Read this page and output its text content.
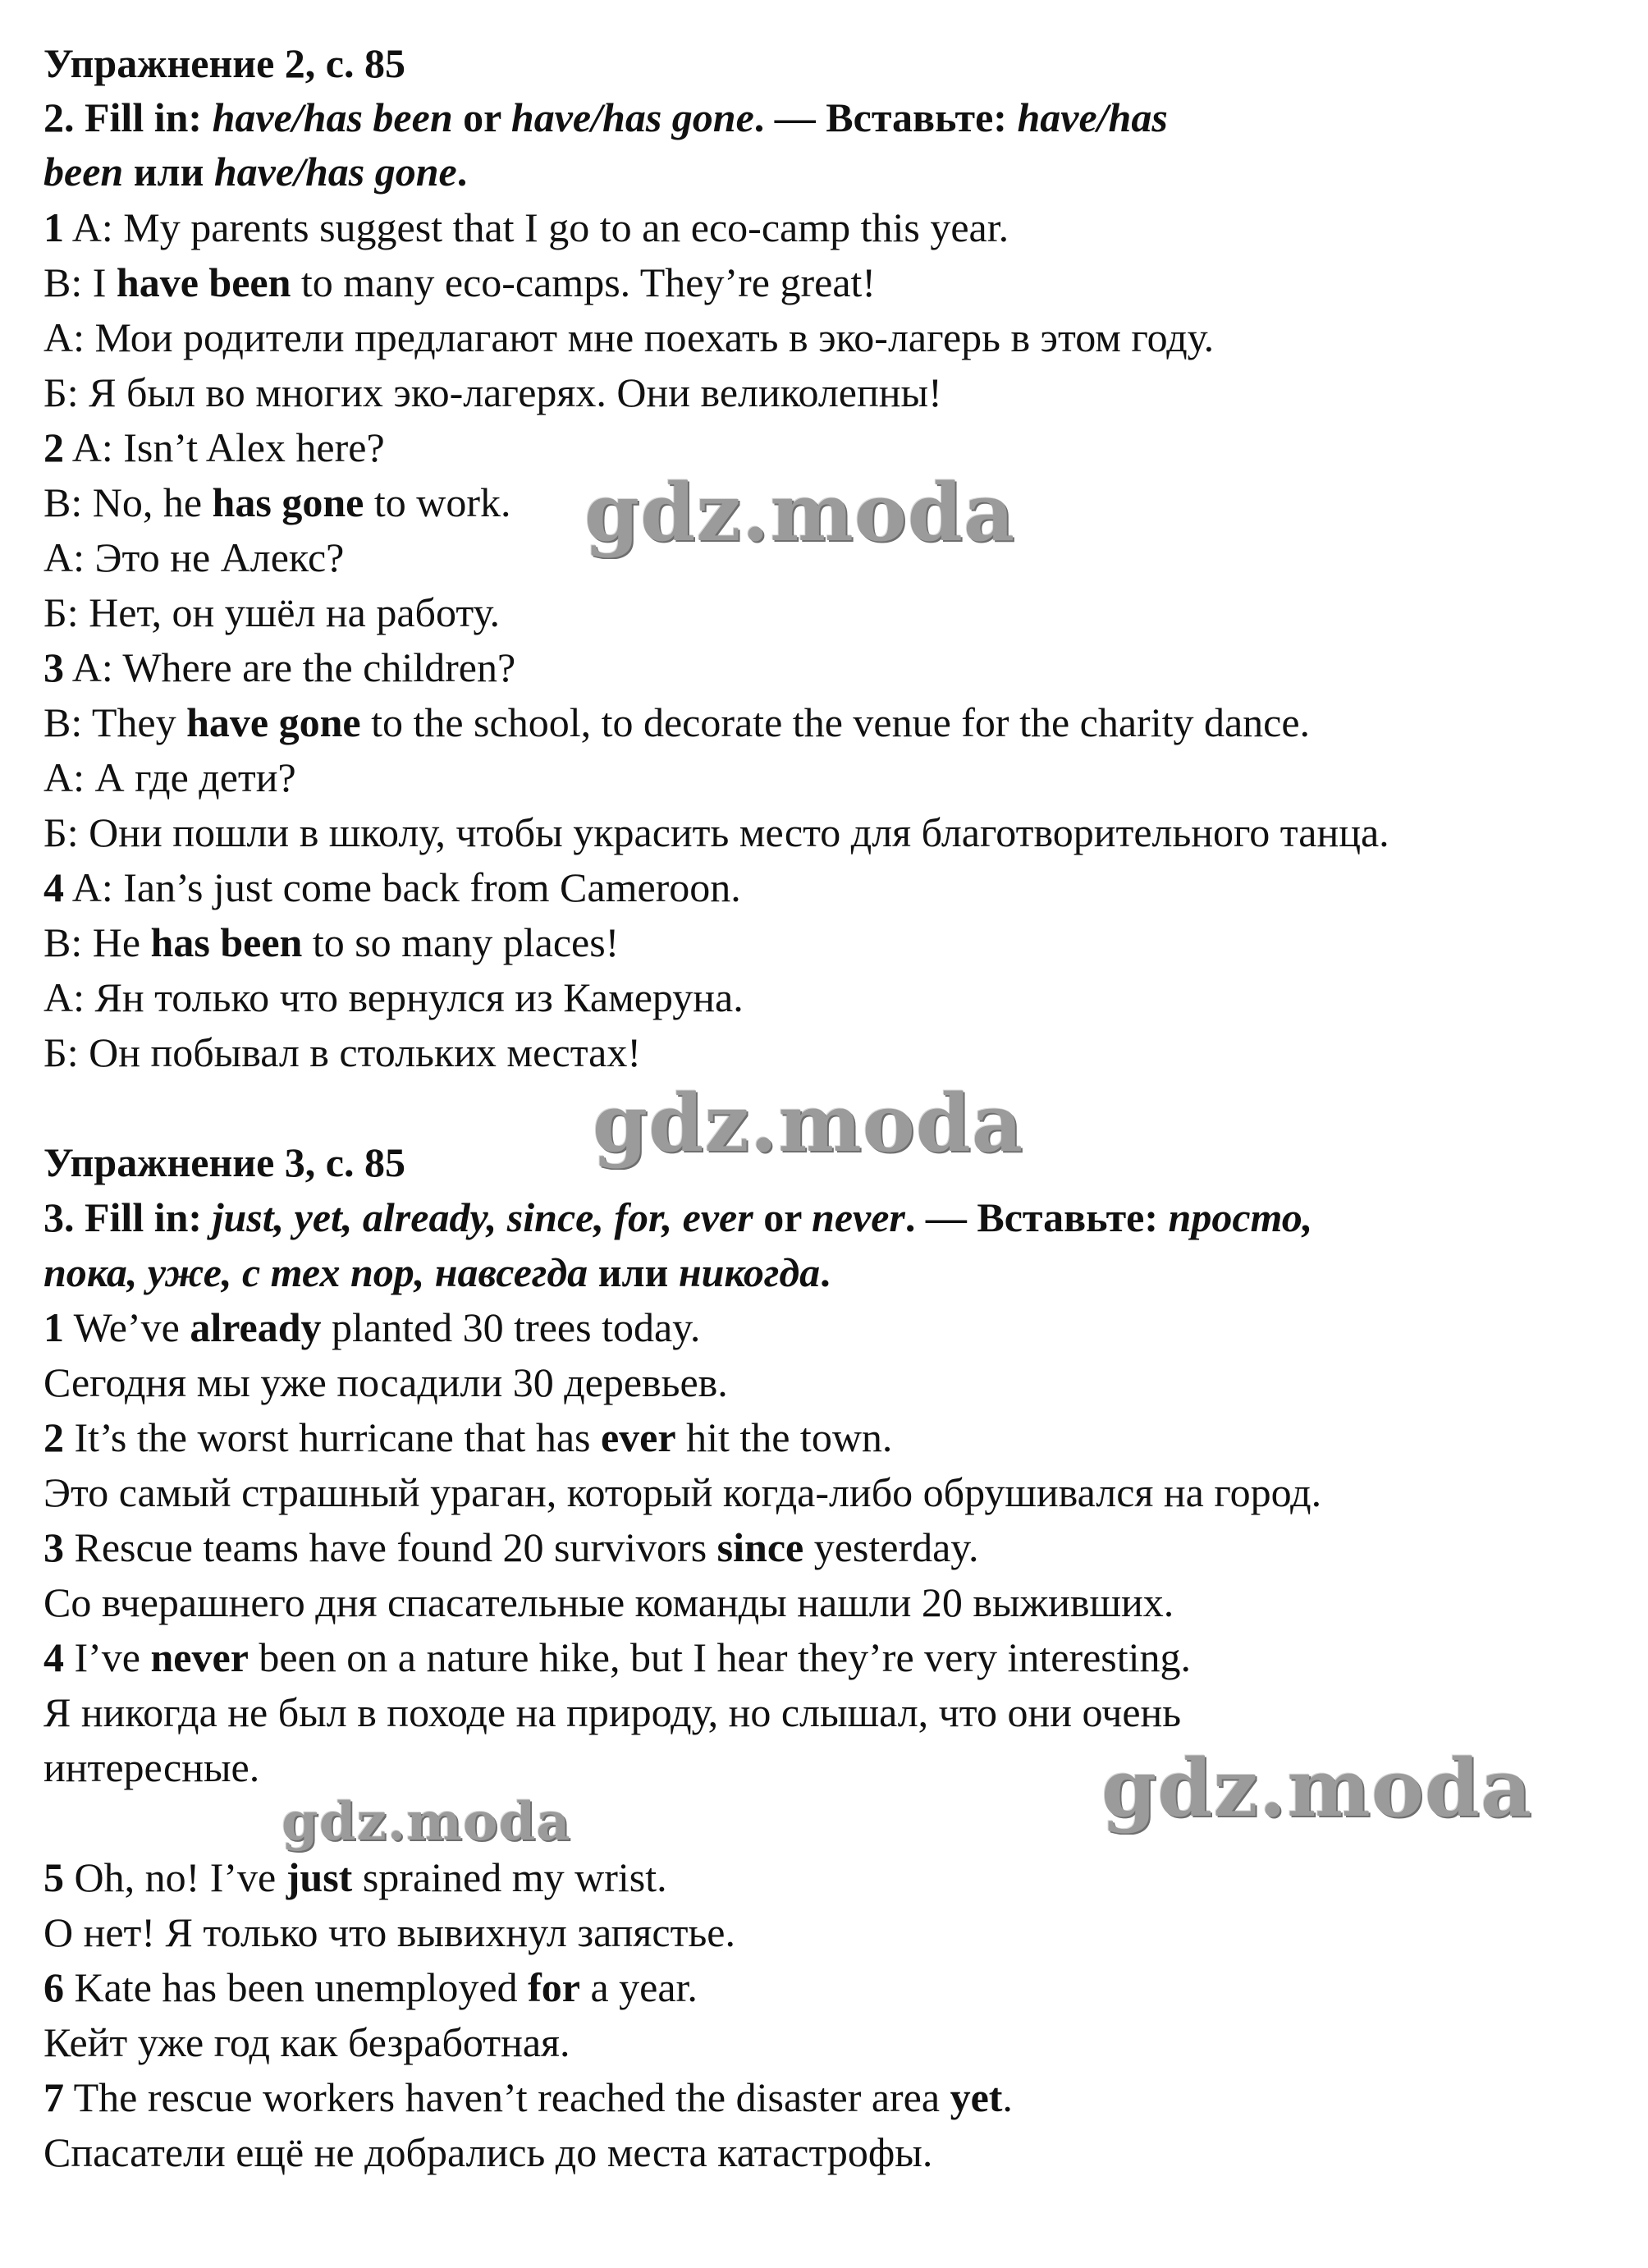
Упражнение 2, с. 85
2. Fill in: have/has been or have/has gone. — Вставьте: have/has
been или have/has gone.
1 A: My parents suggest that I go to an eco-camp this year.
B: I have been to many eco-camps. They’re great!
А: Мои родители предлагают мне поехать в эко-лагерь в этом году.
Б: Я был во многих эко-лагерях. Они великолепны!
2 A: Isn’t Alex here?
B: No, he has gone to work.
А: Это не Алекс?
Б: Нет, он ушёл на работу.
3 A: Where are the children?
B: They have gone to the school, to decorate the venue for the charity dance.
А: А где дети?
Б: Они пошли в школу, чтобы украсить место для благотворительного танца.
4 A: Ian’s just come back from Cameroon.
B: He has been to so many places!
А: Ян только что вернулся из Камеруна.
Б: Он побывал в стольких местах!
Упражнение 3, с. 85
3. Fill in: just, yet, already, since, for, ever or never. — Вставьте: просто,
пока, уже, с тех пор, навсегда или никогда.
1 We’ve already planted 30 trees today.
Сегодня мы уже посадили 30 деревьев.
2 It’s the worst hurricane that has ever hit the town.
Это самый страшный ураган, который когда-либо обрушивался на город.
3 Rescue teams have found 20 survivors since yesterday.
Со вчерашнего дня спасательные команды нашли 20 выживших.
4 I’ve never been on a nature hike, but I hear they’re very interesting.
Я никогда не был в походе на природу, но слышал, что они очень
интересные.
5 Oh, no! I’ve just sprained my wrist.
О нет! Я только что вывихнул запястье.
6 Kate has been unemployed for a year.
Кейт уже год как безработная.
7 The rescue workers haven’t reached the disaster area yet.
Спасатели ещё не добрались до места катастрофы.
gdz.moda
gdz.moda
gdz.moda
gdz.moda
